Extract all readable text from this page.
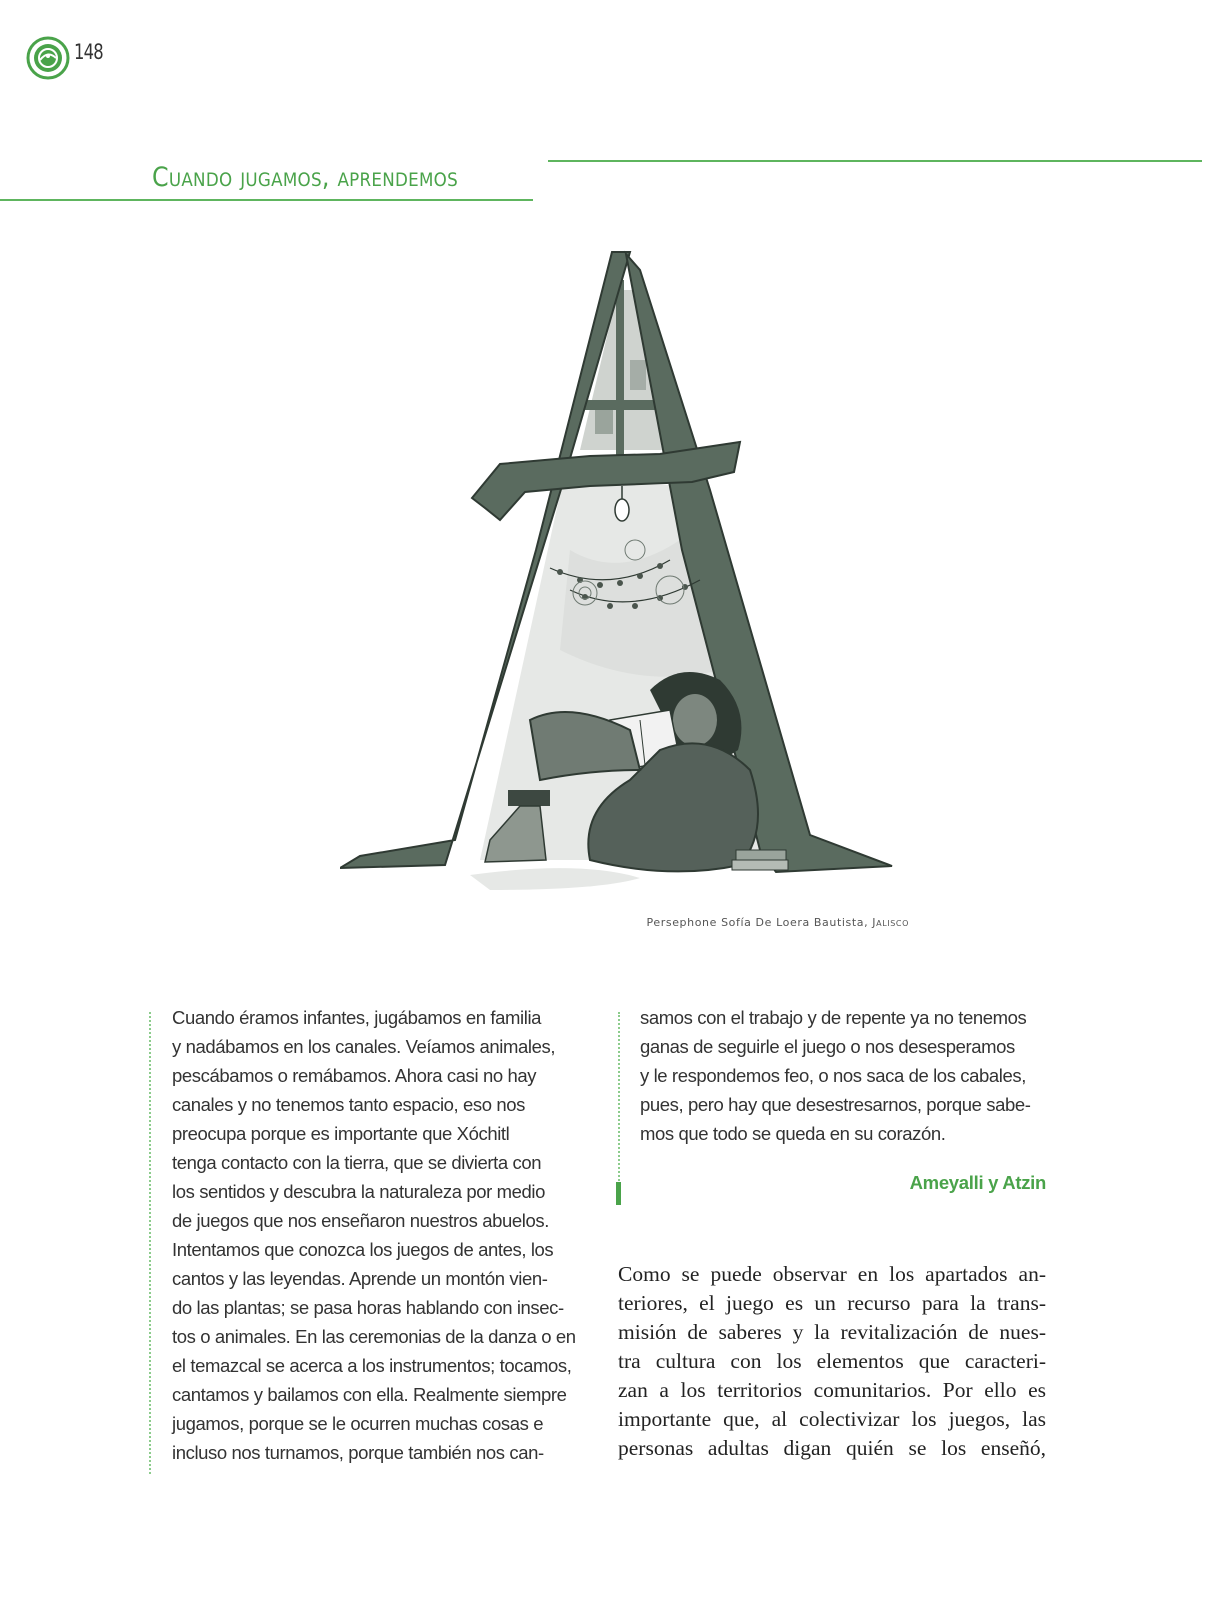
148
Cuando jugamos, aprendemos
Persephone Sofía De Loera Bautista, Jalisco
Cuando éramos infantes, jugábamos en familia
y nadábamos en los canales. Veíamos animales,
pescábamos o remábamos. Ahora casi no hay
canales y no tenemos tanto espacio, eso nos
preocupa porque es importante que Xóchitl
tenga contacto con la tierra, que se divierta con
los sentidos y descubra la naturaleza por medio
de juegos que nos enseñaron nuestros abuelos.
Intentamos que conozca los juegos de antes, los
cantos y las leyendas. Aprende un montón vien-
do las plantas; se pasa horas hablando con insec-
tos o animales. En las ceremonias de la danza o en
el temazcal se acerca a los instrumentos; tocamos,
cantamos y bailamos con ella. Realmente siempre
jugamos, porque se le ocurren muchas cosas e
incluso nos turnamos, porque también nos can-
samos con el trabajo y de repente ya no tenemos
ganas de seguirle el juego o nos desesperamos
y le respondemos feo, o nos saca de los cabales,
pues, pero hay que desestresarnos, porque sabe-
mos que todo se queda en su corazón.
Ameyalli y Atzin
Como se puede observar en los apartados an-
teriores, el juego es un recurso para la trans-
misión de saberes y la revitalización de nues-
tra cultura con los elementos que caracteri-
zan a los territorios comunitarios. Por ello es
importante que, al colectivizar los juegos, las
personas adultas digan quién se los enseñó,
